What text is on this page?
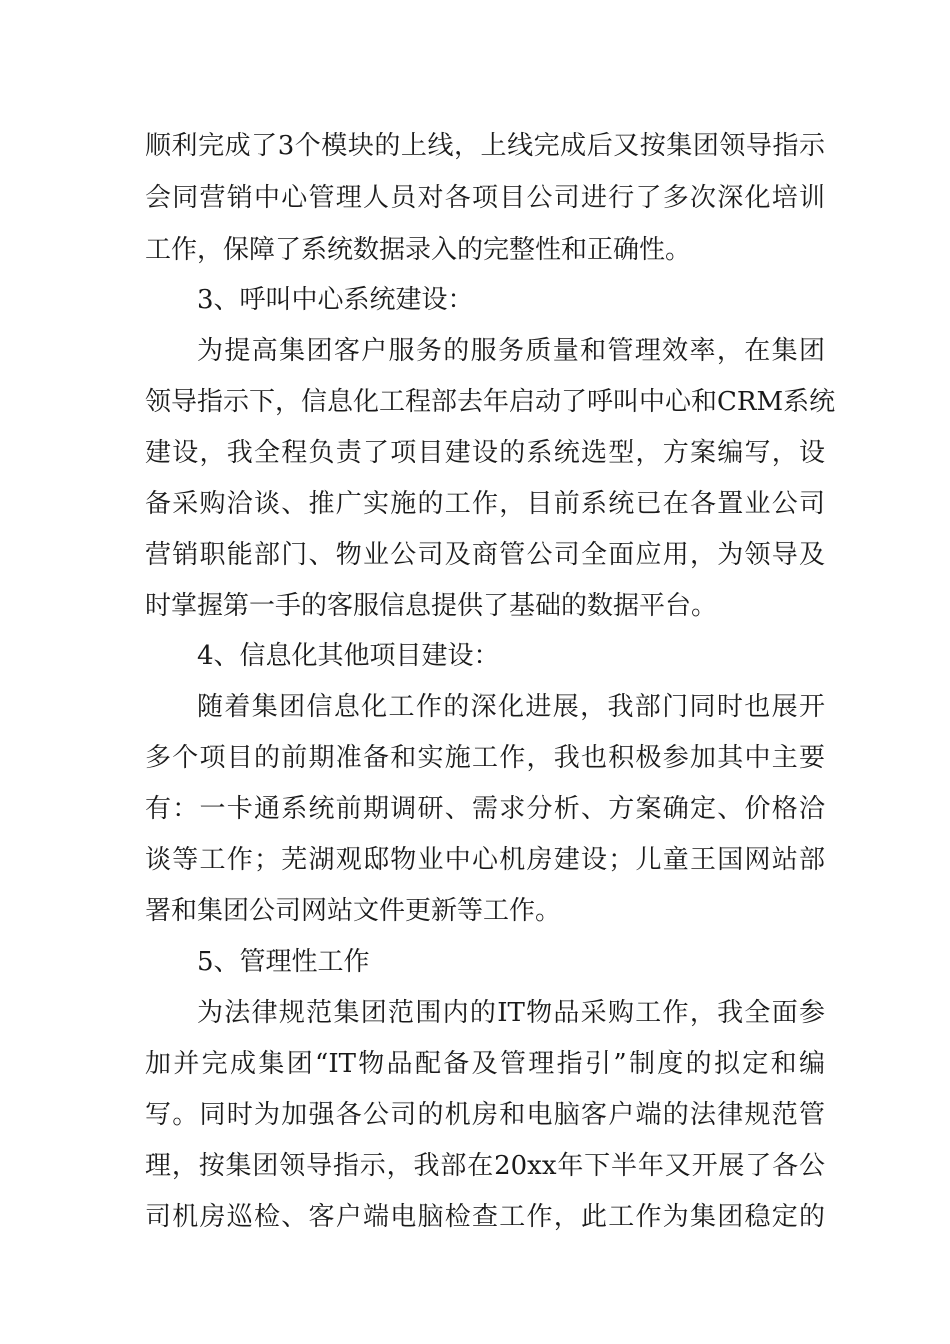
顺利完成了3个模块的上线，上线完成后又按集团领导指示
会同营销中心管理人员对各项目公司进行了多次深化培训
工作，保障了系统数据录入的完整性和正确性。
3、呼叫中心系统建设：
为提高集团客户服务的服务质量和管理效率，在集团
领导指示下，信息化工程部去年启动了呼叫中心和CRM系统
建设，我全程负责了项目建设的系统选型，方案编写，设
备采购洽谈、推广实施的工作，目前系统已在各置业公司
营销职能部门、物业公司及商管公司全面应用，为领导及
时掌握第一手的客服信息提供了基础的数据平台。
4、信息化其他项目建设：
随着集团信息化工作的深化进展，我部门同时也展开
多个项目的前期准备和实施工作，我也积极参加其中主要
有：一卡通系统前期调研、需求分析、方案确定、价格洽
谈等工作；芜湖观邸物业中心机房建设；儿童王国网站部
署和集团公司网站文件更新等工作。
5、管理性工作
为法律规范集团范围内的IT物品采购工作，我全面参
加并完成集团“IT物品配备及管理指引”制度的拟定和编
写。同时为加强各公司的机房和电脑客户端的法律规范管
理，按集团领导指示，我部在20xx年下半年又开展了各公
司机房巡检、客户端电脑检查工作，此工作为集团稳定的
